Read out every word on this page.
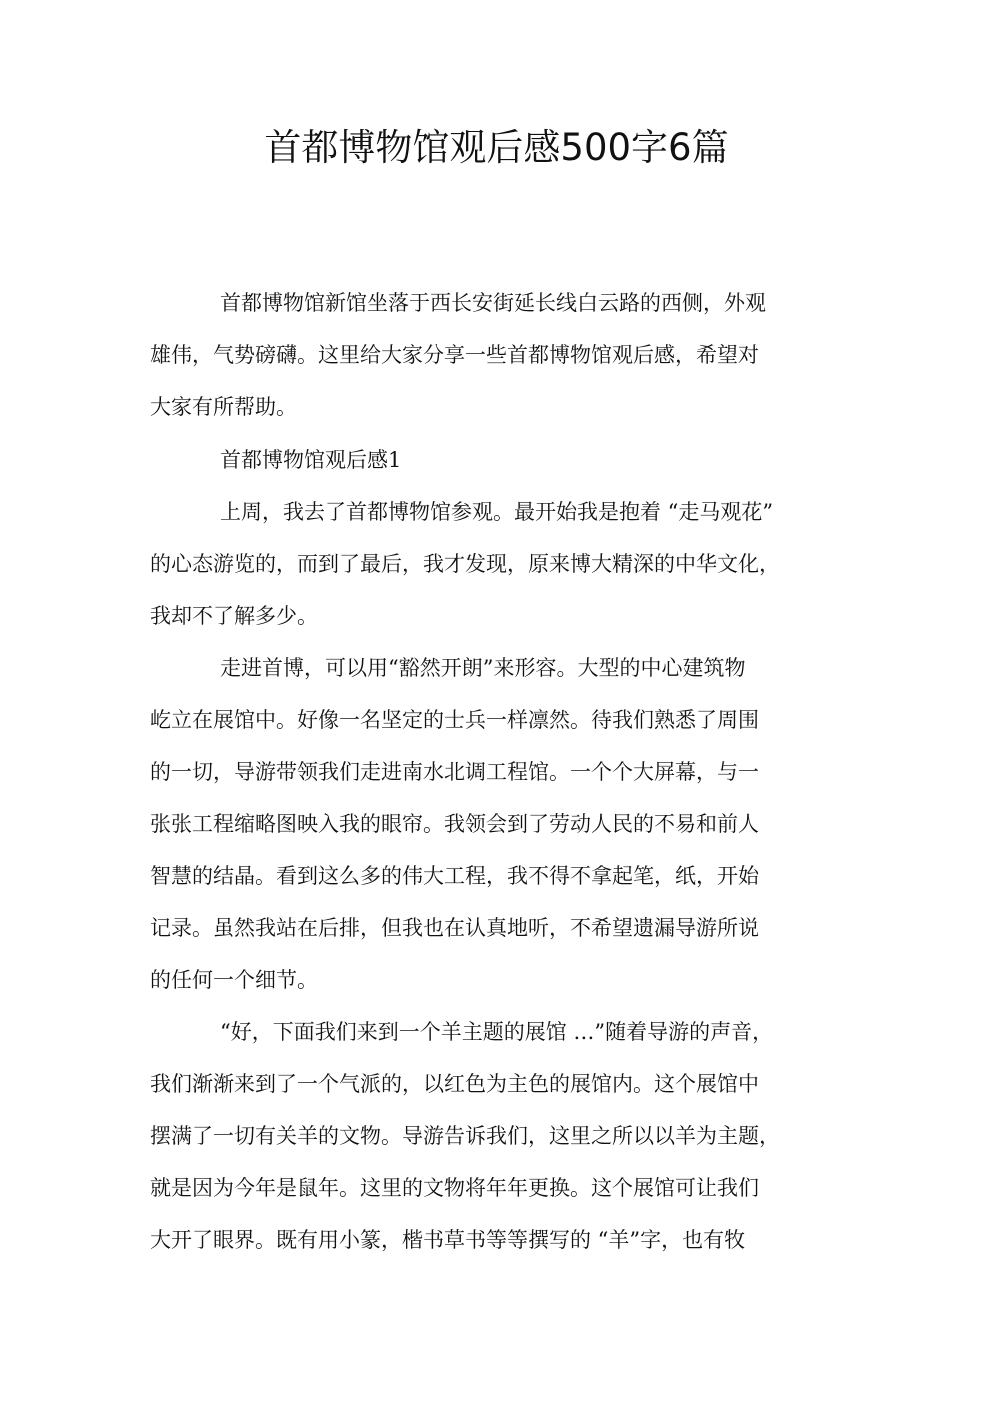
首都博物馆观后感500字6篇
首都博物馆新馆坐落于西长安街延长线白云路的西侧，外观
雄伟，气势磅礴。这里给大家分享一些首都博物馆观后感，希望对
大家有所帮助。
首都博物馆观后感1
上周，我去了首都博物馆参观。最开始我是抱着 “走马观花”
的心态游览的，而到了最后，我才发现，原来博大精深的中华文化，
我却不了解多少。
走进首博，可以用“豁然开朗”来形容。大型的中心建筑物
屹立在展馆中。好像一名坚定的士兵一样凛然。待我们熟悉了周围
的一切，导游带领我们走进南水北调工程馆。一个个大屏幕，与一
张张工程缩略图映入我的眼帘。我领会到了劳动人民的不易和前人
智慧的结晶。看到这么多的伟大工程，我不得不拿起笔，纸，开始
记录。虽然我站在后排，但我也在认真地听，不希望遗漏导游所说
的任何一个细节。
“好，下面我们来到一个羊主题的展馆 …”随着导游的声音，
我们渐渐来到了一个气派的，以红色为主色的展馆内。这个展馆中
摆满了一切有关羊的文物。导游告诉我们，这里之所以以羊为主题，
就是因为今年是鼠年。这里的文物将年年更换。这个展馆可让我们
大开了眼界。既有用小篆，楷书草书等等撰写的 “羊”字，也有牧
